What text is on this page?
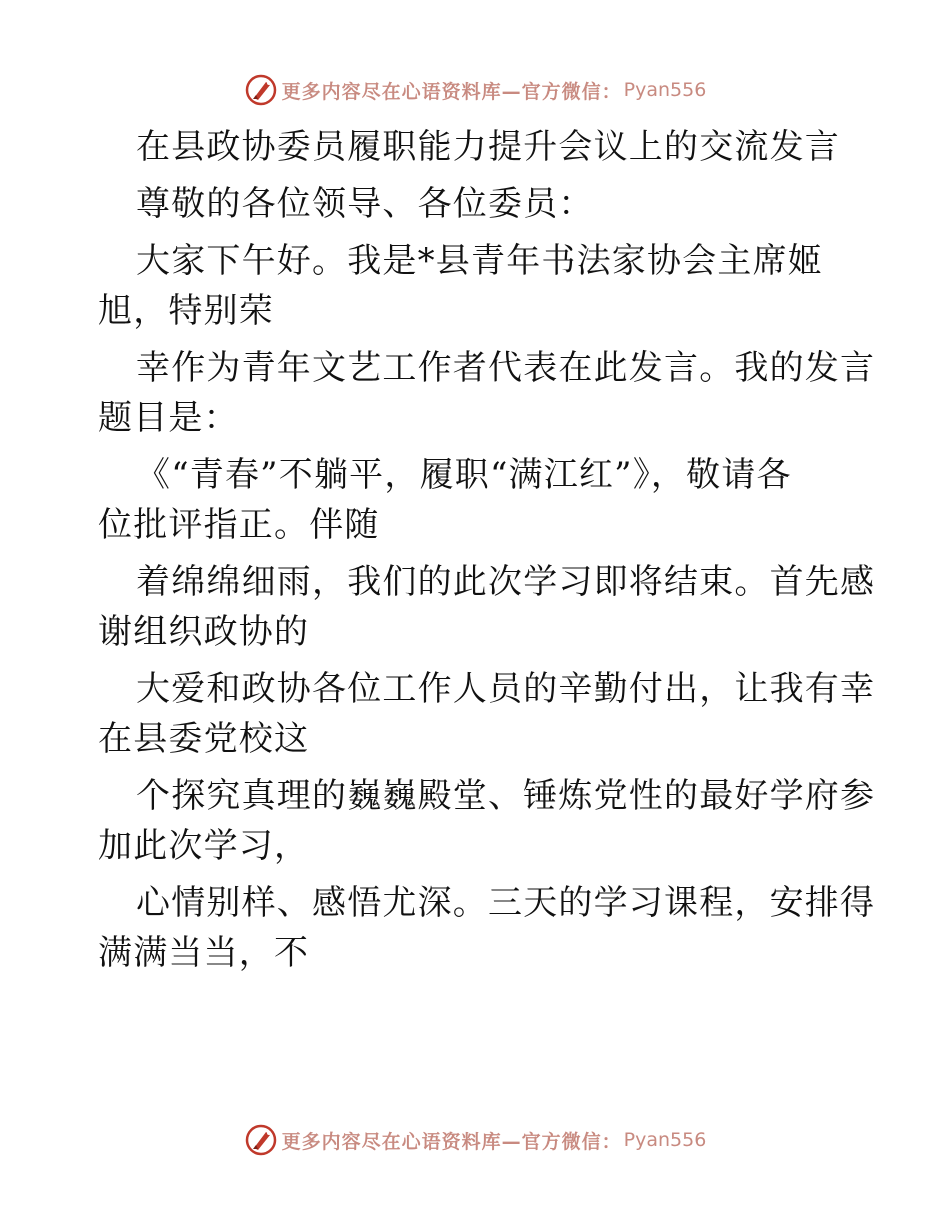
更多内容尽在心语资料库—官方微信： Pyan556
在县政协委员履职能力提升会议上的交流发言
尊敬的各位领导、各位委员：
大家下午好。我是*县青年书法家协会主席姬
旭，特别荣
幸作为青年文艺工作者代表在此发言。我的发言
题目是：
《“青春”不躺平，履职“满江红”》，敬请各
位批评指正。伴随
着绵绵细雨，我们的此次学习即将结束。首先感
谢组织政协的
大爱和政协各位工作人员的辛勤付出，让我有幸
在县委党校这
个探究真理的巍巍殿堂、锤炼党性的最好学府参
加此次学习，
心情别样、感悟尤深。三天的学习课程，安排得
满满当当，不
更多内容尽在心语资料库—官方微信： Pyan556
